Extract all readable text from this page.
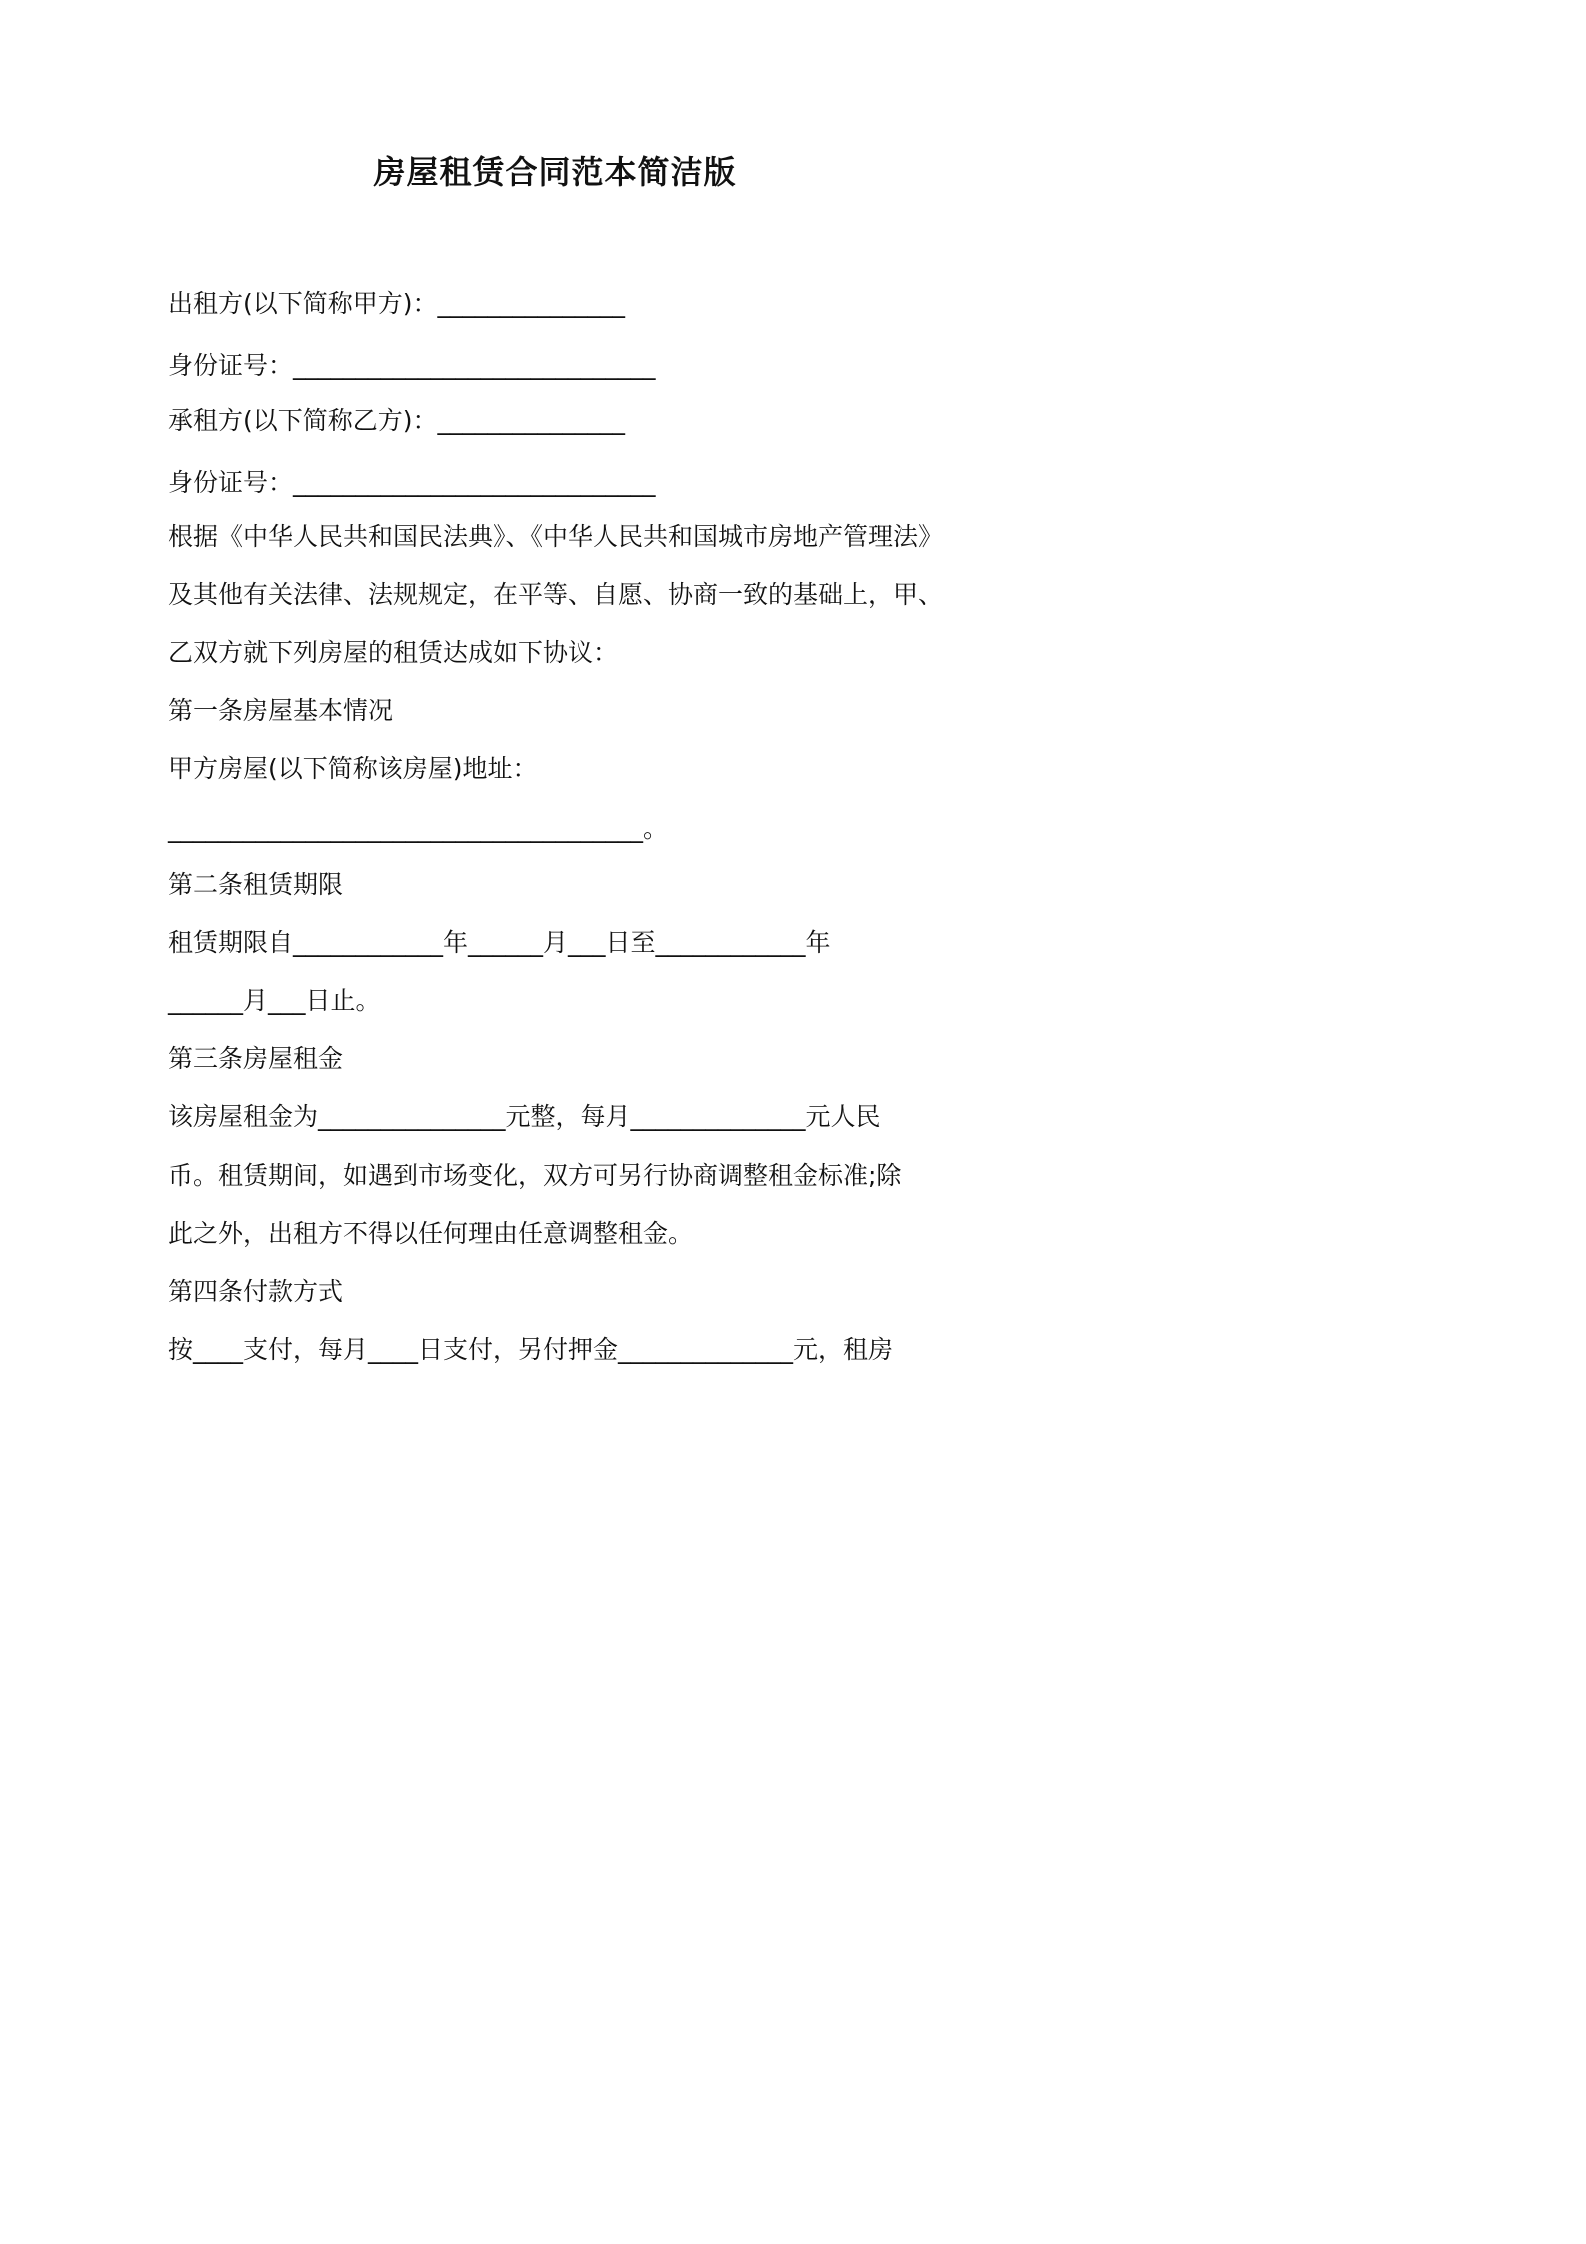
房屋租赁合同范本简洁版
出租方(以下简称甲方)：_______________
身份证号：_____________________________
承租方(以下简称乙方)：_______________
身份证号：_____________________________
根据《中华人民共和国民法典》、《中华人民共和国城市房地产管理法》
及其他有关法律、法规规定，在平等、自愿、协商一致的基础上，甲、
乙双方就下列房屋的租赁达成如下协议：
第一条房屋基本情况
甲方房屋(以下简称该房屋)地址：
______________________________________。
第二条租赁期限
租赁期限自____________年______月___日至____________年
______月___日止。
第三条房屋租金
该房屋租金为_______________元整，每月______________元人民
币。租赁期间，如遇到市场变化，双方可另行协商调整租金标准;除
此之外，出租方不得以任何理由任意调整租金。
第四条付款方式
按____支付，每月____日支付，另付押金______________元，租房
